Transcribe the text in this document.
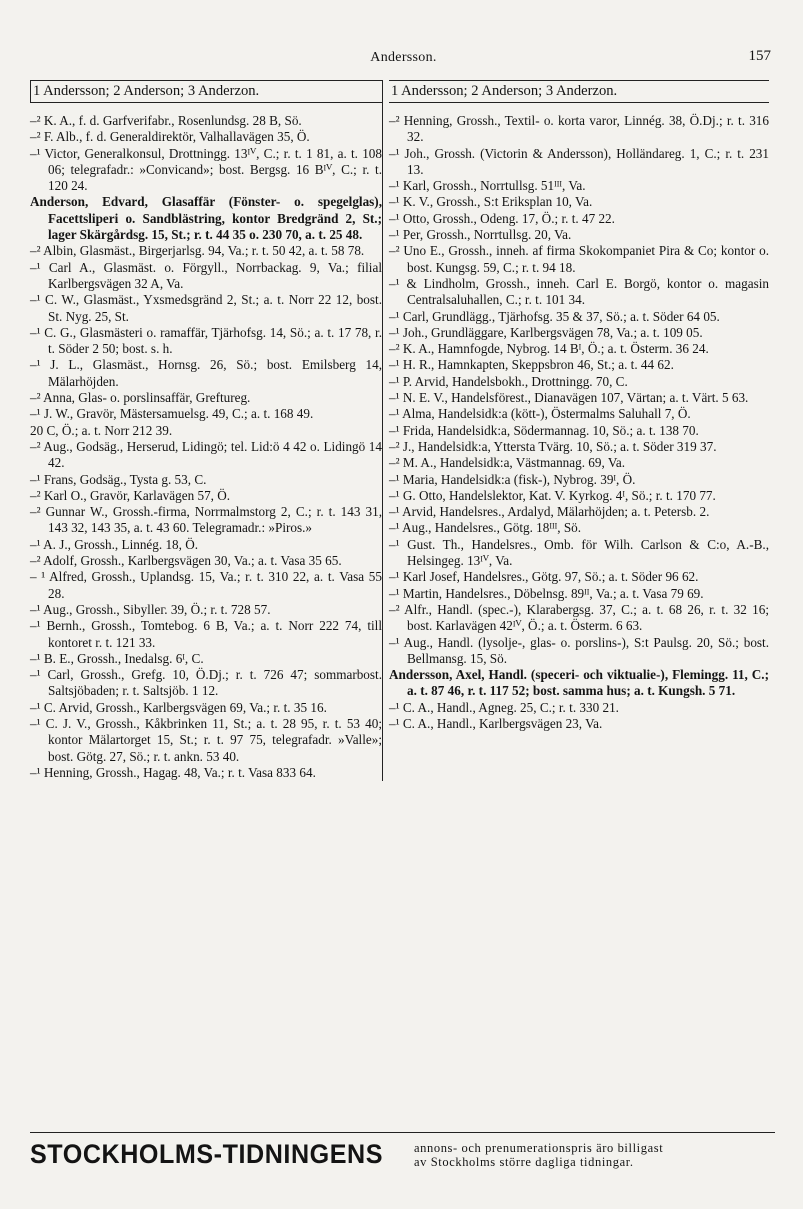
Andersson.	157
1 Andersson; 2 Anderson; 3 Anderzon.

–² K. A., f. d. Garfverifabr., Rosenlundsg. 28 B, Sö.

–² F. Alb., f. d. Generaldirektör, Valhallavägen 35, Ö.

–¹ Victor, Generalkonsul, Drottningg. 13ᴵⱽ, C.; r. t. 1 81, a. t. 108 06; telegrafadr.: »Convicand»; bost. Bergsg. 16 Bᴵⱽ, C.; r. t. 120 24.

Anderson, Edvard, Glasaffär (Fönster- o. spegelglas), Facettsliperi o. Sandblästring, kontor Bredgränd 2, St.; lager Skärgårdsg. 15, St.; r. t. 44 35 o. 230 70, a. t. 25 48.

–² Albin, Glasmäst., Birgerjarlsg. 94, Va.; r. t. 50 42, a. t. 58 78.

–¹ Carl A., Glasmäst. o. Förgyll., Norrbackag. 9, Va.; filial Karlbergsvägen 32 A, Va.

–¹ C. W., Glasmäst., Yxsmedsgränd 2, St.; a. t. Norr 22 12, bost. St. Nyg. 25, St.

–¹ C. G., Glasmästeri o. ramaffär, Tjärhofsg. 14, Sö.; a. t. 17 78, r. t. Söder 2 50; bost. s. h.

–¹ J. L., Glasmäst., Hornsg. 26, Sö.; bost. Emilsberg 14, Mälarhöjden.

–² Anna, Glas- o. porslinsaffär, Greftureg.

–¹ J. W., Gravör, Mästersamuelsg. 49, C.; a. t. 168 49.

20 C, Ö.; a. t. Norr 212 39.

–² Aug., Godsäg., Herserud, Lidingö; tel. Lid:ö 4 42 o. Lidingö 14 42.

–¹ Frans, Godsäg., Tysta g. 53, C.

–² Karl O., Gravör, Karlavägen 57, Ö.

–² Gunnar W., Grossh.-firma, Norrmalmstorg 2, C.; r. t. 143 31, 143 32, 143 35, a. t. 43 60. Telegramadr.: »Piros.»

–¹ A. J., Grossh., Linnég. 18, Ö.

–² Adolf, Grossh., Karlbergsvägen 30, Va.; a. t. Vasa 35 65.

– ¹ Alfred, Grossh., Uplandsg. 15, Va.; r. t. 310 22, a. t. Vasa 55 28.

–¹ Aug., Grossh., Sibyllег. 39, Ö.; r. t. 728 57.

–¹ Bernh., Grossh., Tomtebog. 6 B, Va.; a. t. Norr 222 74, till kontoret r. t. 121 33.

–¹ B. E., Grossh., Inedalsg. 6ᴵ, C.

–¹ Carl, Grossh., Grefg. 10, Ö.Dj.; r. t. 726 47; sommarbost. Saltsjöbaden; r. t. Saltsjöb. 1 12.

–¹ C. Arvid, Grossh., Karlbergsvägen 69, Va.; r. t. 35 16.

–¹ C. J. V., Grossh., Kåkbrinken 11, St.; a. t. 28 95, r. t. 53 40; kontor Mälartorget 15, St.; r. t. 97 75, telegrafadr. »Valle»; bost. Götg. 27, Sö.; r. t. ankn. 53 40.

–¹ Henning, Grossh., Hagag. 48, Va.; r. t. Vasa 833 64.

1 Andersson; 2 Anderson; 3 Anderzon.

–² Henning, Grossh., Textil- o. korta varor, Linnég. 38, Ö.Dj.; r. t. 316 32.

–¹ Joh., Grossh. (Victorin & Andersson), Holländareg. 1, C.; r. t. 231 13.

–¹ Karl, Grossh., Norrtullsg. 51ᴵᴵᴵ, Va.

–¹ K. V., Grossh., S:t Eriksplan 10, Va.

–¹ Otto, Grossh., Odeng. 17, Ö.; r. t. 47 22.

–¹ Per, Grossh., Norrtullsg. 20, Va.

–² Uno E., Grossh., inneh. af firma Skokompaniet Pira & Co; kontor o. bost. Kungsg. 59, C.; r. t. 94 18.

–¹ & Lindholm, Grossh., inneh. Carl E. Borgö, kontor o. magasin Centralsaluhallen, C.; r. t. 101 34.

–¹ Carl, Grundlägg., Tjärhofsg. 35 & 37, Sö.; a. t. Söder 64 05.

–¹ Joh., Grundläggare, Karlbergsvägen 78, Va.; a. t. 109 05.

–² K. A., Hamnfogde, Nybrog. 14 Bᴵ, Ö.; a. t. Österm. 36 24.

–¹ H. R., Hamnkapten, Skeppsbron 46, St.; a. t. 44 62.

–¹ P. Arvid, Handelsbokh., Drottningg. 70, C.

–¹ N. E. V., Handelsförest., Dianavägen 107, Värtan; a. t. Värt. 5 63.

–¹ Alma, Handelsidk:a (kött-), Östermalms Saluhall 7, Ö.

–¹ Frida, Handelsidk:a, Södermannag. 10, Sö.; a. t. 138 70.

–² J., Handelsidk:a, Yttersta Tvärg. 10, Sö.; a. t. Söder 319 37.

–² M. A., Handelsidk:a, Västmannag. 69, Va.

–¹ Maria, Handelsidk:a (fisk-), Nybrog. 39ᴵ, Ö.

–¹ G. Otto, Handelslektor, Kat. V. Kyrkog. 4ᴵ, Sö.; r. t. 170 77.

–¹ Arvid, Handelsres., Ardalyd, Mälarhöjden; a. t. Petersb. 2.

–¹ Aug., Handelsres., Götg. 18ᴵᴵᴵ, Sö.

–¹ Gust. Th., Handelsres., Omb. för Wilh. Carlson & C:o, A.-B., Helsingeg. 13ᴵⱽ, Va.

–¹ Karl Josef, Handelsres., Götg. 97, Sö.; a. t. Söder 96 62.

–¹ Martin, Handelsres., Döbelnsg. 89ᴵᴵ, Va.; a. t. Vasa 79 69.

–² Alfr., Handl. (spec.-), Klarabergsg. 37, C.; a. t. 68 26, r. t. 32 16; bost. Karlavägen 42ᴵⱽ, Ö.; a. t. Österm. 6 63.

–¹ Aug., Handl. (lysolje-, glas- o. porslins-), S:t Paulsg. 20, Sö.; bost. Bellmansg. 15, Sö.

Andersson, Axel, Handl. (speceri- och viktualie-), Flemingg. 11, C.; a. t. 87 46, r. t. 117 52; bost. samma hus; a. t. Kungsh. 5 71.

–¹ C. A., Handl., Agneg. 25, C.; r. t. 330 21.

–¹ C. A., Handl., Karlbergsvägen 23, Va.

STOCKHOLMS-TIDNINGENS annons- och prenumerationspris äro billigast
av Stockholms större dagliga tidningar.
